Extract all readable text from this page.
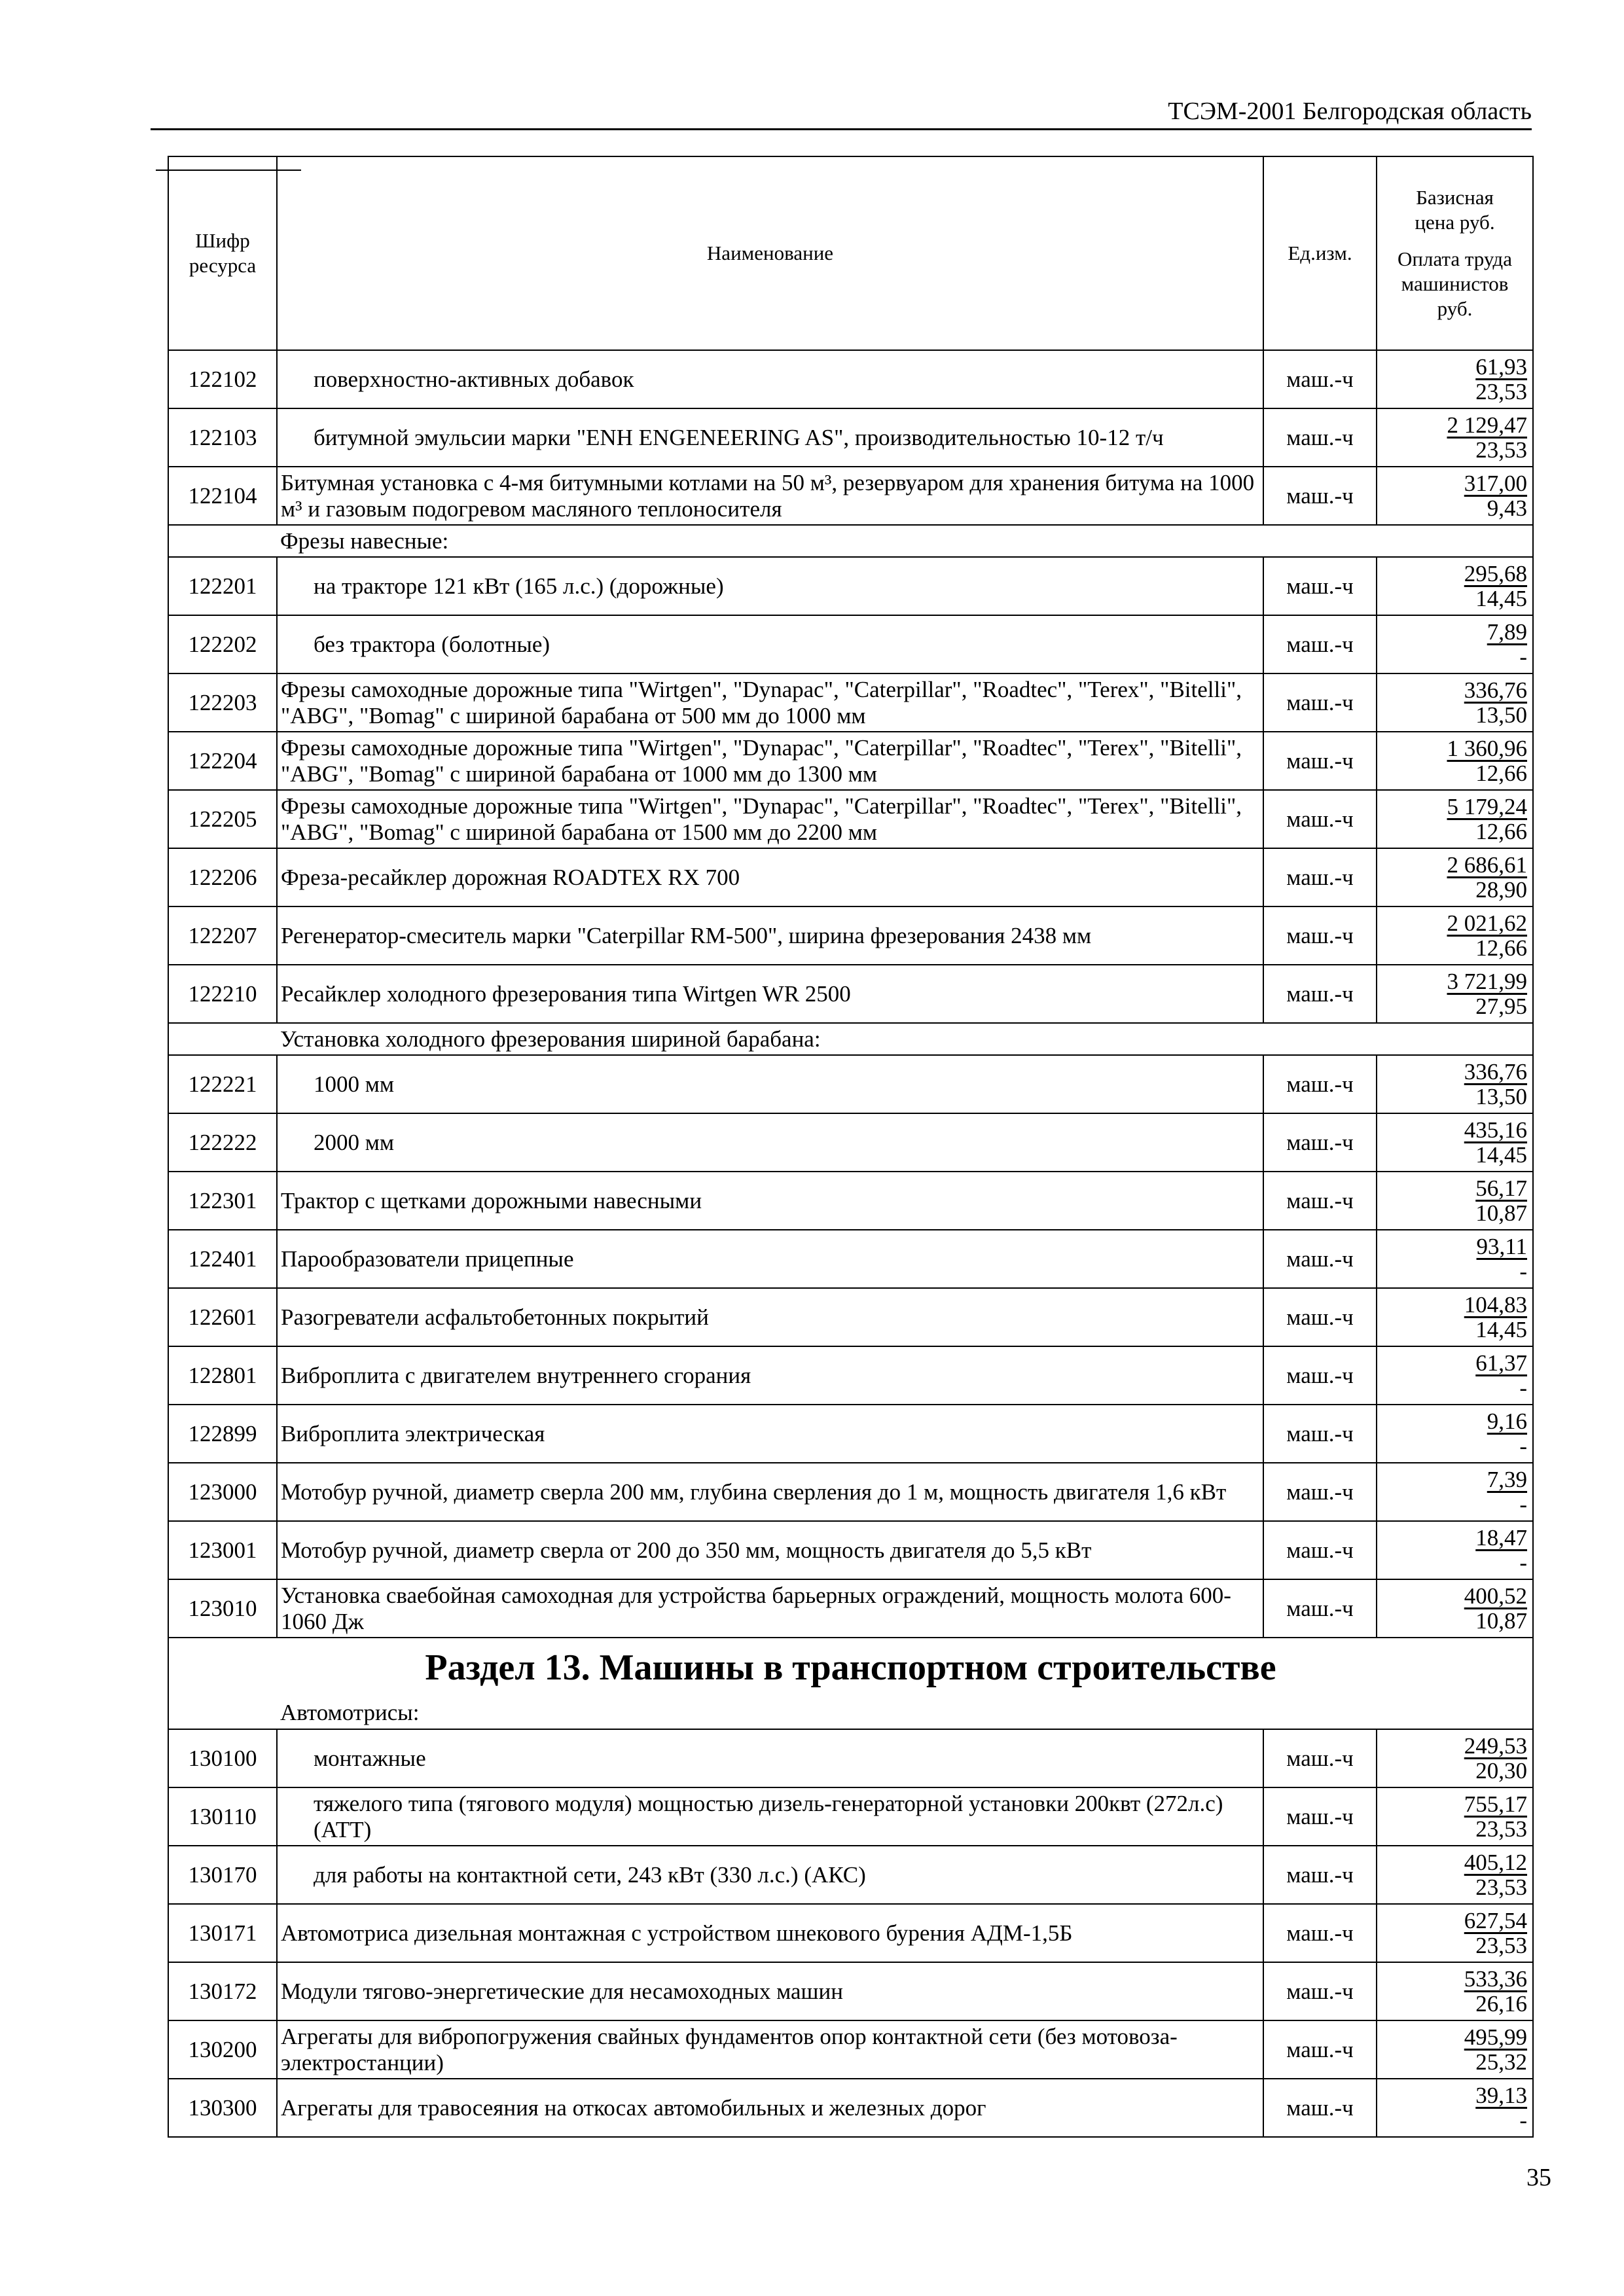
ТСЭМ-2001 Белгородская область
Шифр ресурса	Наименование	Ед.изм.	Базисная цена руб.
Оплата труда машинистов руб.

122102	поверхностно-активных добавок	маш.-ч	61,93
23,53

122103	битумной эмульсии марки "ENH ENGENEERING AS", производительностью 10-12 т/ч	маш.-ч	2 129,47
23,53

122104	Битумная установка с 4-мя битумными котлами на 50 м³, резервуаром для хранения битума на 1000 м³ и газовым подогревом масляного теплоносителя	маш.-ч	317,00
9,43

	Фрезы навесные:		
122201	на тракторе 121 кВт (165 л.с.) (дорожные)	маш.-ч	295,68
14,45

122202	без трактора (болотные)	маш.-ч	7,89
-

122203	Фрезы самоходные дорожные типа "Wirtgen", "Dynapac", "Caterpillar", "Roadtec", "Terex", "Bitelli", "ABG", "Bomag" с шириной барабана от 500 мм до 1000 мм	маш.-ч	336,76
13,50

122204	Фрезы самоходные дорожные типа "Wirtgen", "Dynapac", "Caterpillar", "Roadtec", "Terex", "Bitelli", "ABG", "Bomag" с шириной барабана от 1000 мм до 1300 мм	маш.-ч	1 360,96
12,66

122205	Фрезы самоходные дорожные типа "Wirtgen", "Dynapac", "Caterpillar", "Roadtec", "Terex", "Bitelli", "ABG", "Bomag" с шириной барабана от 1500 мм до 2200 мм	маш.-ч	5 179,24
12,66

122206	Фреза-ресайклер дорожная ROADTEX RX 700	маш.-ч	2 686,61
28,90

122207	Регенератор-смеситель марки "Caterpillar RM-500", ширина фрезерования 2438 мм	маш.-ч	2 021,62
12,66

122210	Ресайклер холодного фрезерования типа Wirtgen WR 2500	маш.-ч	3 721,99
27,95

	Установка холодного фрезерования шириной барабана:		
122221	1000 мм	маш.-ч	336,76
13,50

122222	2000 мм	маш.-ч	435,16
14,45

122301	Трактор с щетками дорожными навесными	маш.-ч	56,17
10,87

122401	Парообразователи прицепные	маш.-ч	93,11
-

122601	Разогреватели асфальтобетонных покрытий	маш.-ч	104,83
14,45

122801	Виброплита с двигателем внутреннего сгорания	маш.-ч	61,37
-

122899	Виброплита электрическая	маш.-ч	9,16
-

123000	Мотобур ручной, диаметр сверла 200 мм, глубина сверления до 1 м, мощность двигателя 1,6 кВт	маш.-ч	7,39
-

123001	Мотобур ручной, диаметр сверла от 200 до 350 мм, мощность двигателя до 5,5 кВт	маш.-ч	18,47
-

123010	Установка сваебойная самоходная для устройства барьерных ограждений, мощность молота 600-1060 Дж	маш.-ч	400,52
10,87

Раздел 13. Машины в транспортном строительстве			
	Автомотрисы:		
130100	монтажные	маш.-ч	249,53
20,30

130110	тяжелого типа (тягового модуля) мощностью дизель-генераторной установки 200квт (272л.с) (АТТ)	маш.-ч	755,17
23,53

130170	для работы на контактной сети, 243 кВт (330 л.с.) (АКС)	маш.-ч	405,12
23,53

130171	Автомотриса дизельная монтажная с устройством шнекового бурения АДМ-1,5Б	маш.-ч	627,54
23,53

130172	Модули тягово-энергетические для несамоходных машин	маш.-ч	533,36
26,16

130200	Агрегаты для вибропогружения свайных фундаментов опор контактной сети (без мотовоза-электростанции)	маш.-ч	495,99
25,32

130300	Агрегаты для травосеяния на откосах автомобильных и железных дорог	маш.-ч	39,13
-
35
